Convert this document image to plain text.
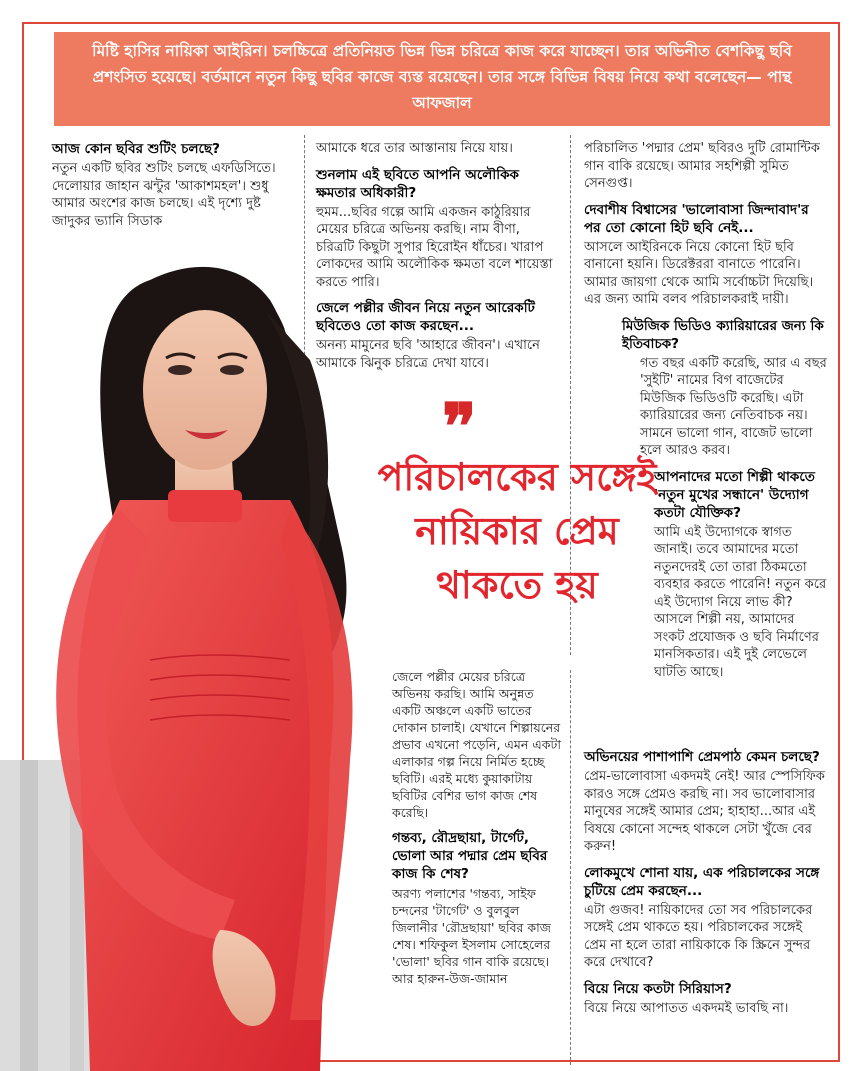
মিষ্টি হাসির নায়িকা আইরিন। চলচ্চিত্রে প্রতিনিয়ত ভিন্ন ভিন্ন চরিত্রে কাজ করে যাচ্ছেন। তার অভিনীত বেশকিছু ছবি প্রশংসিত হয়েছে। বর্তমানে নতুন কিছু ছবির কাজে ব্যস্ত রয়েছেন। তার সঙ্গে বিভিন্ন বিষয় নিয়ে কথা বলেছেন— পান্থ আফজাল

আজ কোন ছবির শুটিং চলছে?

নতুন একটি ছবির শুটিং চলছে এফডিসিতে। দেলোয়ার জাহান ঝন্টুর 'আকাশমহল'। শুধু আমার অংশের কাজ চলছে। এই দৃশ্যে দুষ্ট জাদুকর ভ্যানি সিডাক

আমাকে ধরে তার আস্তানায় নিয়ে যায়।

শুনলাম এই ছবিতে আপনি অলৌকিক ক্ষমতার অধিকারী?

হুমম...ছবির গল্পে আমি একজন কাঠুরিয়ার মেয়ের চরিত্রে অভিনয় করছি। নাম বীণা, চরিত্রটি কিছুটা সুপার হিরোইন ধাঁচের। খারাপ লোকদের আমি অলৌকিক ক্ষমতা বলে শায়েস্তা করতে পারি।

জেলে পল্লীর জীবন নিয়ে নতুন আরেকটি ছবিতেও তো কাজ করছেন...

অনন্য মামুনের ছবি 'আহারে জীবন'। এখানে আমাকে ঝিনুক চরিত্রে দেখা যাবে।

পরিচালিত 'পদ্মার প্রেম' ছবিরও দুটি রোমান্টিক গান বাকি রয়েছে। আমার সহশিল্পী সুমিত সেনগুপ্ত।

দেবাশীষ বিশ্বাসের 'ভালোবাসা জিন্দাবাদ'র পর তো কোনো হিট ছবি নেই...

আসলে আইরিনকে নিয়ে কোনো হিট ছবি বানানো হয়নি। ডিরেক্টররা বানাতে পারেনি। আমার জায়গা থেকে আমি সর্বোচ্চটা দিয়েছি। এর জন্য আমি বলব পরিচালকরাই দায়ী।

মিউজিক ভিডিও ক্যারিয়ারের জন্য কি ইতিবাচক?

গত বছর একটি করেছি, আর এ বছর 'সুইটি' নামের বিগ বাজেটের মিউজিক ভিডিওটি করেছি। এটা ক্যারিয়ারের জন্য নেতিবাচক নয়। সামনে ভালো গান, বাজেট ভালো হলে আরও করব।

আপনাদের মতো শিল্পী থাকতে 'নতুন মুখের সন্ধানে' উদ্যোগ কতটা যৌক্তিক?

আমি এই উদ্যোগকে স্বাগত জানাই। তবে আমাদের মতো নতুনদেরই তো তারা ঠিকমতো ব্যবহার করতে পারেনি! নতুন করে এই উদ্যোগ নিয়ে লাভ কী? আসলে শিল্পী নয়, আমাদের সংকট প্রযোজক ও ছবি নির্মাণের মানসিকতার। এই দুই লেভেলে ঘাটতি আছে।

অভিনয়ের পাশাপাশি প্রেমপাঠ কেমন চলছে?

প্রেম-ভালোবাসা একদমই নেই! আর স্পেসিফিক কারও সঙ্গে প্রেমও করছি না। সব ভালোবাসার মানুষের সঙ্গেই আমার প্রেম; হাহাহা...আর এই বিষয়ে কোনো সন্দেহ থাকলে সেটা খুঁজে বের করুন!

লোকমুখে শোনা যায়, এক পরিচালকের সঙ্গে চুটিয়ে প্রেম করছেন...

এটা গুজব! নায়িকাদের তো সব পরিচালকের সঙ্গেই প্রেম থাকতে হয়। পরিচালকের সঙ্গেই প্রেম না হলে তারা নায়িকাকে কি স্ক্রিনে সুন্দর করে দেখাবে?

বিয়ে নিয়ে কতটা সিরিয়াস?

বিয়ে নিয়ে আপাতত একদমই ভাবছি না।

জেলে পল্লীর মেয়ের চরিত্রে অভিনয় করছি। আমি অনুন্নত একটি অঞ্চলে একটি ভাতের দোকান চালাই। যেখানে শিল্পায়নের প্রভাব এখনো পড়েনি, এমন একটা এলাকার গল্প নিয়ে নির্মিত হচ্ছে ছবিটি। এরই মধ্যে কুয়াকাটায় ছবিটির বেশির ভাগ কাজ শেষ করেছি।

গন্তব্য, রৌদ্রছায়া, টার্গেট, ভোলা আর পদ্মার প্রেম ছবির কাজ কি শেষ?

অরণ্য পলাশের 'গন্তব্য, সাইফ চন্দনের 'টার্গেট' ও বুলবুল জিলানীর 'রৌদ্রছায়া' ছবির কাজ শেষ। শফিকুল ইসলাম সোহেলের 'ভোলা' ছবির গান বাকি রয়েছে। আর হারুন-উজ-জামান

❞
পরিচালকের সঙ্গেই নায়িকার প্রেম থাকতে হয়
